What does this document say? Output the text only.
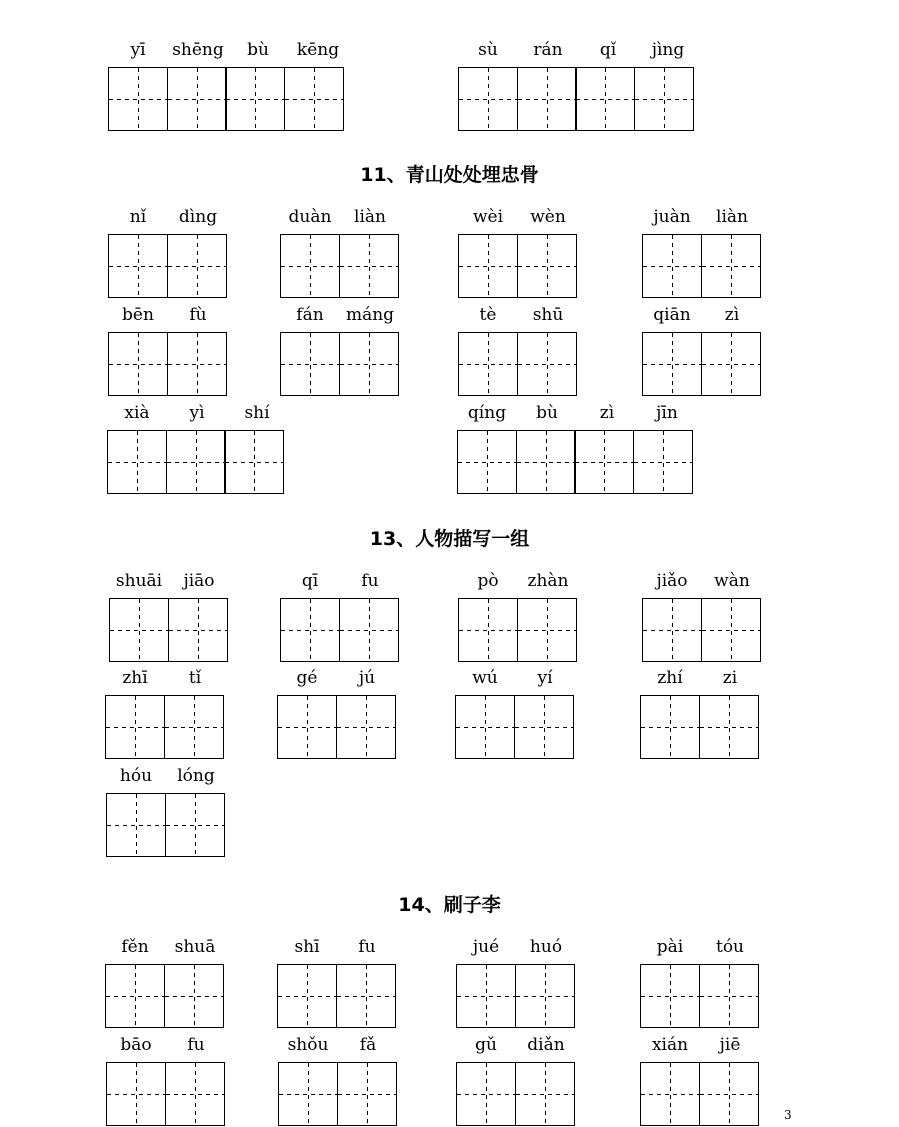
11、青山处处埋忠骨
13、人物描写一组
14、刷子李
yī	shēng	bù	kēng	sù	rán	qǐ	jìng
nǐ	dìng	duàn	liàn	wèi	wèn	juàn	liàn
bēn	fù	fán	máng	tè	shū	qiān	zì
xià	yì	shí	qíng	bù	zì	jīn
shuāi	jiāo	qī	fu	pò	zhàn	jiǎo	wàn
zhī	tǐ	gé	jú	wú	yí	zhí	zi
hóu	lóng
fěn	shuā	shī	fu	jué	huó	pài	tóu
bāo	fu	shǒu	fǎ	gǔ	diǎn	xián	jiē
3
